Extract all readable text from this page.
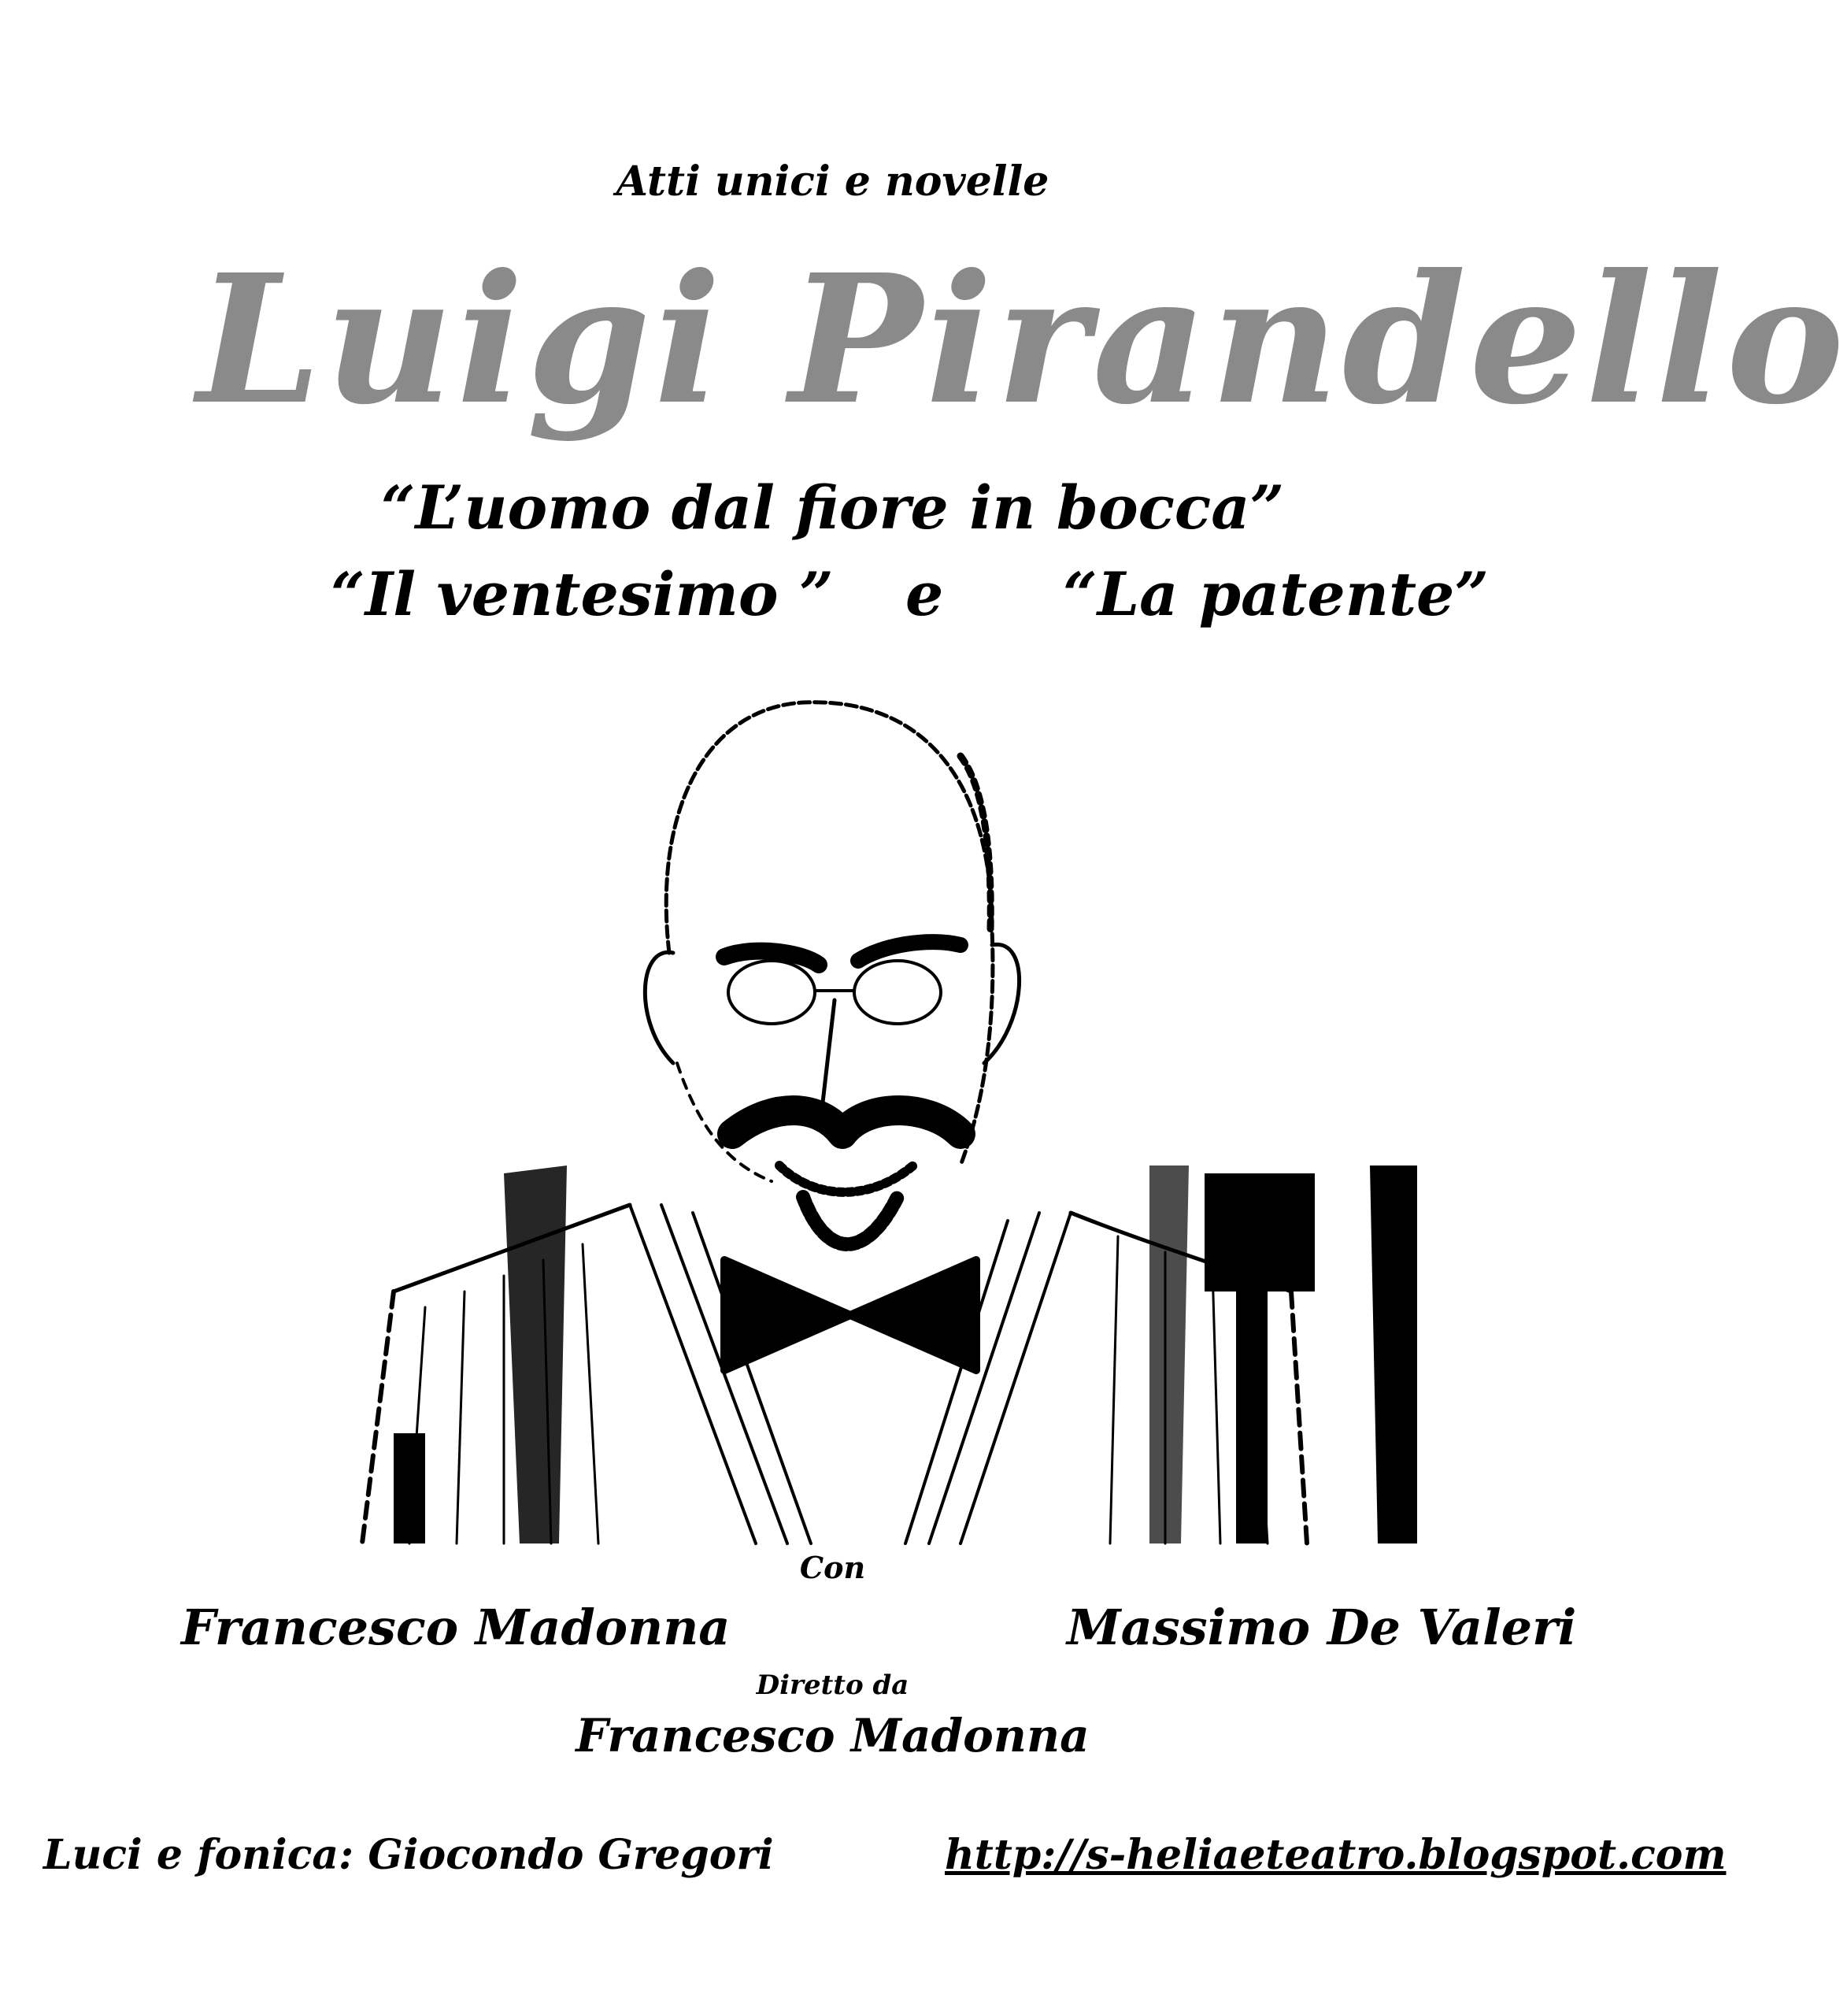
Atti unici e novelle
Luigi Pirandello
“L’uomo dal fiore in bocca”
“Il ventesimo ” e “La patente”
Con
Francesco Madonna	Massimo De Valeri
Diretto da
Francesco Madonna
Luci e fonica: Giocondo Gregori	http://s-heliaeteatro.blogspot.com
